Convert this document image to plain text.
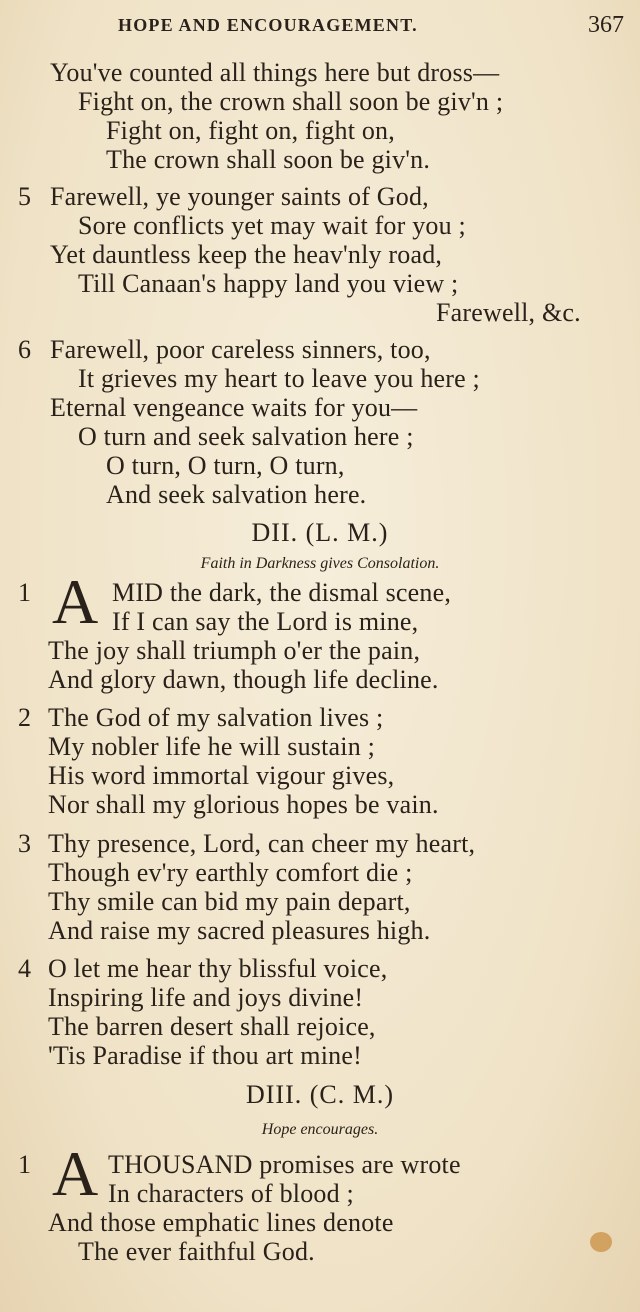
HOPE AND ENCOURAGEMENT.	367
You've counted all things here but dross—
Fight on, the crown shall soon be giv'n ;
Fight on, fight on, fight on,
The crown shall soon be giv'n.
5 Farewell, ye younger saints of God,
Sore conflicts yet may wait for you ;
Yet dauntless keep the heav'nly road,
Till Canaan's happy land you view ;
Farewell, &c.
6 Farewell, poor careless sinners, too,
It grieves my heart to leave you here ;
Eternal vengeance waits for you—
O turn and seek salvation here ;
O turn, O turn, O turn,
And seek salvation here.
DII. (L. M.)
Faith in Darkness gives Consolation.
1 A MID the dark, the dismal scene,
If I can say the Lord is mine,
The joy shall triumph o'er the pain,
And glory dawn, though life decline.
2 The God of my salvation lives ;
My nobler life he will sustain ;
His word immortal vigour gives,
Nor shall my glorious hopes be vain.
3 Thy presence, Lord, can cheer my heart,
Though ev'ry earthly comfort die ;
Thy smile can bid my pain depart,
And raise my sacred pleasures high.
4 O let me hear thy blissful voice,
Inspiring life and joys divine!
The barren desert shall rejoice,
'Tis Paradise if thou art mine!
DIII. (C. M.)
Hope encourages.
1 A THOUSAND promises are wrote
In characters of blood ;
And those emphatic lines denote
The ever faithful God.
